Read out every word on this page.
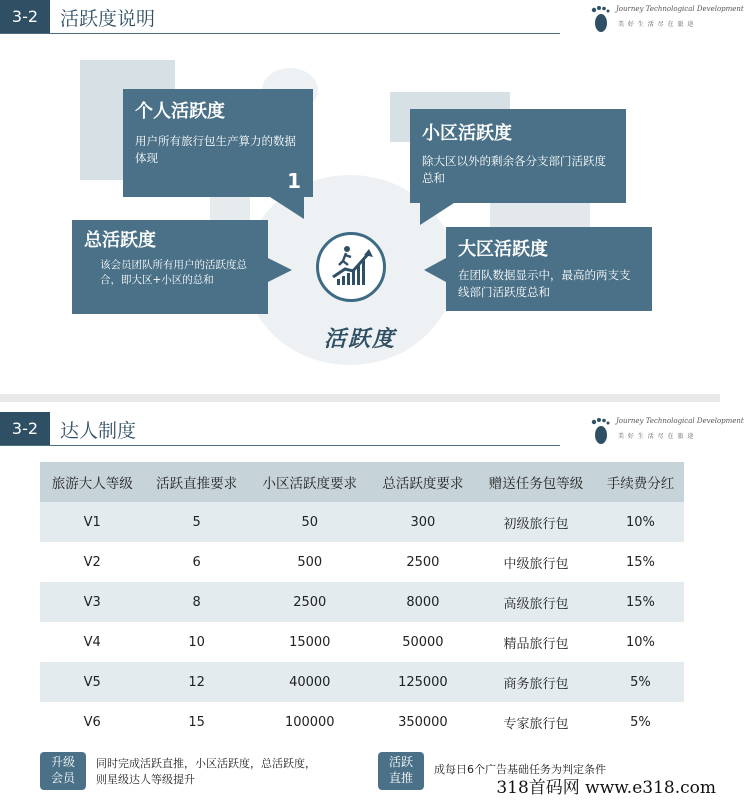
3-2	活跃度说明	Journey Technological Development
美 好 生 活 尽 在 旅 途
个人活跃度

用户所有旅行包生产算力的数据体现

1
小区活跃度

除大区以外的剩余各分支部门活跃度总和

总活跃度

该会员团队所有用户的活跃度总合，即大区+小区的总和

大区活跃度

在团队数据显示中，最高的两支支线部门活跃度总和

活跃度
3-2	达人制度	Journey Technological Development
美 好 生 活 尽 在 旅 途
旅游大人等级	活跃直推要求	小区活跃度要求	总活跃度要求	赠送任务包等级	手续费分红
V1	5	50	300	初级旅行包	10%
V2	6	500	2500	中级旅行包	15%
V3	8	2500	8000	高级旅行包	15%
V4	10	15000	50000	精品旅行包	10%
V5	12	40000	125000	商务旅行包	5%
V6	15	100000	350000	专家旅行包	5%
升级
会员
同时完成活跃直推，小区活跃度，总活跃度，
则星级达人等级提升
活跃
直推
成每日6个广告基础任务为判定条件
318首码网 www.e318.com
